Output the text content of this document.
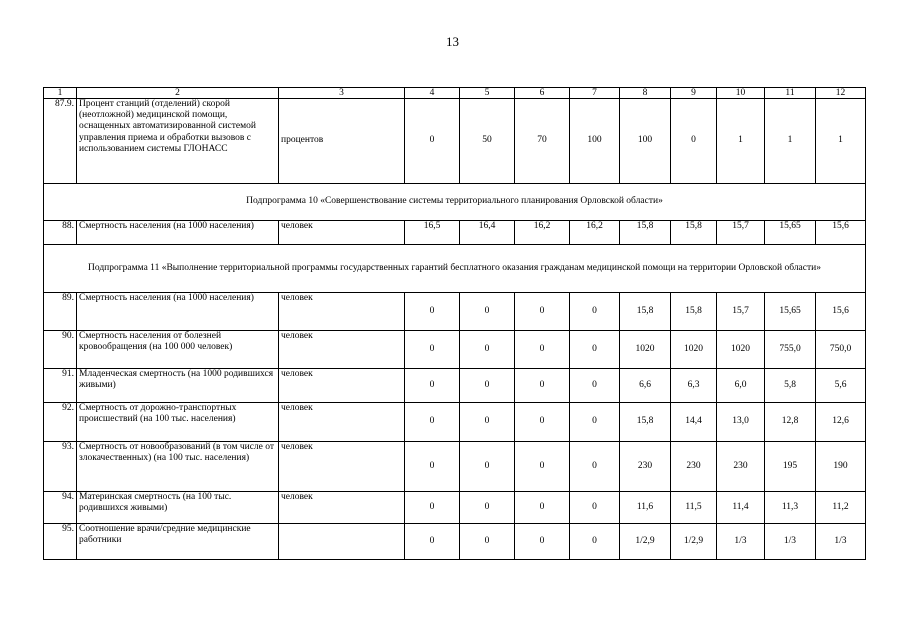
13
1	2	3	4	5	6	7	8	9	10	11	12
87.9.	Процент станций (отделений) скорой (неотложной) медицинской помощи, оснащенных автоматизированной системой управления приема и обработки вызовов с использованием системы ГЛОНАСС	процентов	0	50	70	100	100	0	1	1	1
Подпрограмма 10 «Совершенствование системы территориального планирования Орловской области»											
88.	Смертность населения (на 1000 населения)	человек	16,5	16,4	16,2	16,2	15,8	15,8	15,7	15,65	15,6
Подпрограмма 11 «Выполнение территориальной программы государственных гарантий бесплатного оказания гражданам медицинской помощи на территории Орловской области»											
89.	Смертность населения (на 1000 населения)	человек	0	0	0	0	15,8	15,8	15,7	15,65	15,6
90.	Смертность населения от болезней кровообращения (на 100 000 человек)	человек	0	0	0	0	1020	1020	1020	755,0	750,0
91.	Младенческая смертность (на 1000 родившихся живыми)	человек	0	0	0	0	6,6	6,3	6,0	5,8	5,6
92.	Смертность от дорожно-транспортных происшествий (на 100 тыс. населения)	человек	0	0	0	0	15,8	14,4	13,0	12,8	12,6
93.	Смертность от новообразований (в том числе от злокачественных) (на 100 тыс. населения)	человек	0	0	0	0	230	230	230	195	190
94.	Материнская смертность (на 100 тыс. родившихся живыми)	человек	0	0	0	0	11,6	11,5	11,4	11,3	11,2
95.	Соотношение врачи/средние медицинские работники		0	0	0	0	1/2,9	1/2,9	1/3	1/3	1/3
